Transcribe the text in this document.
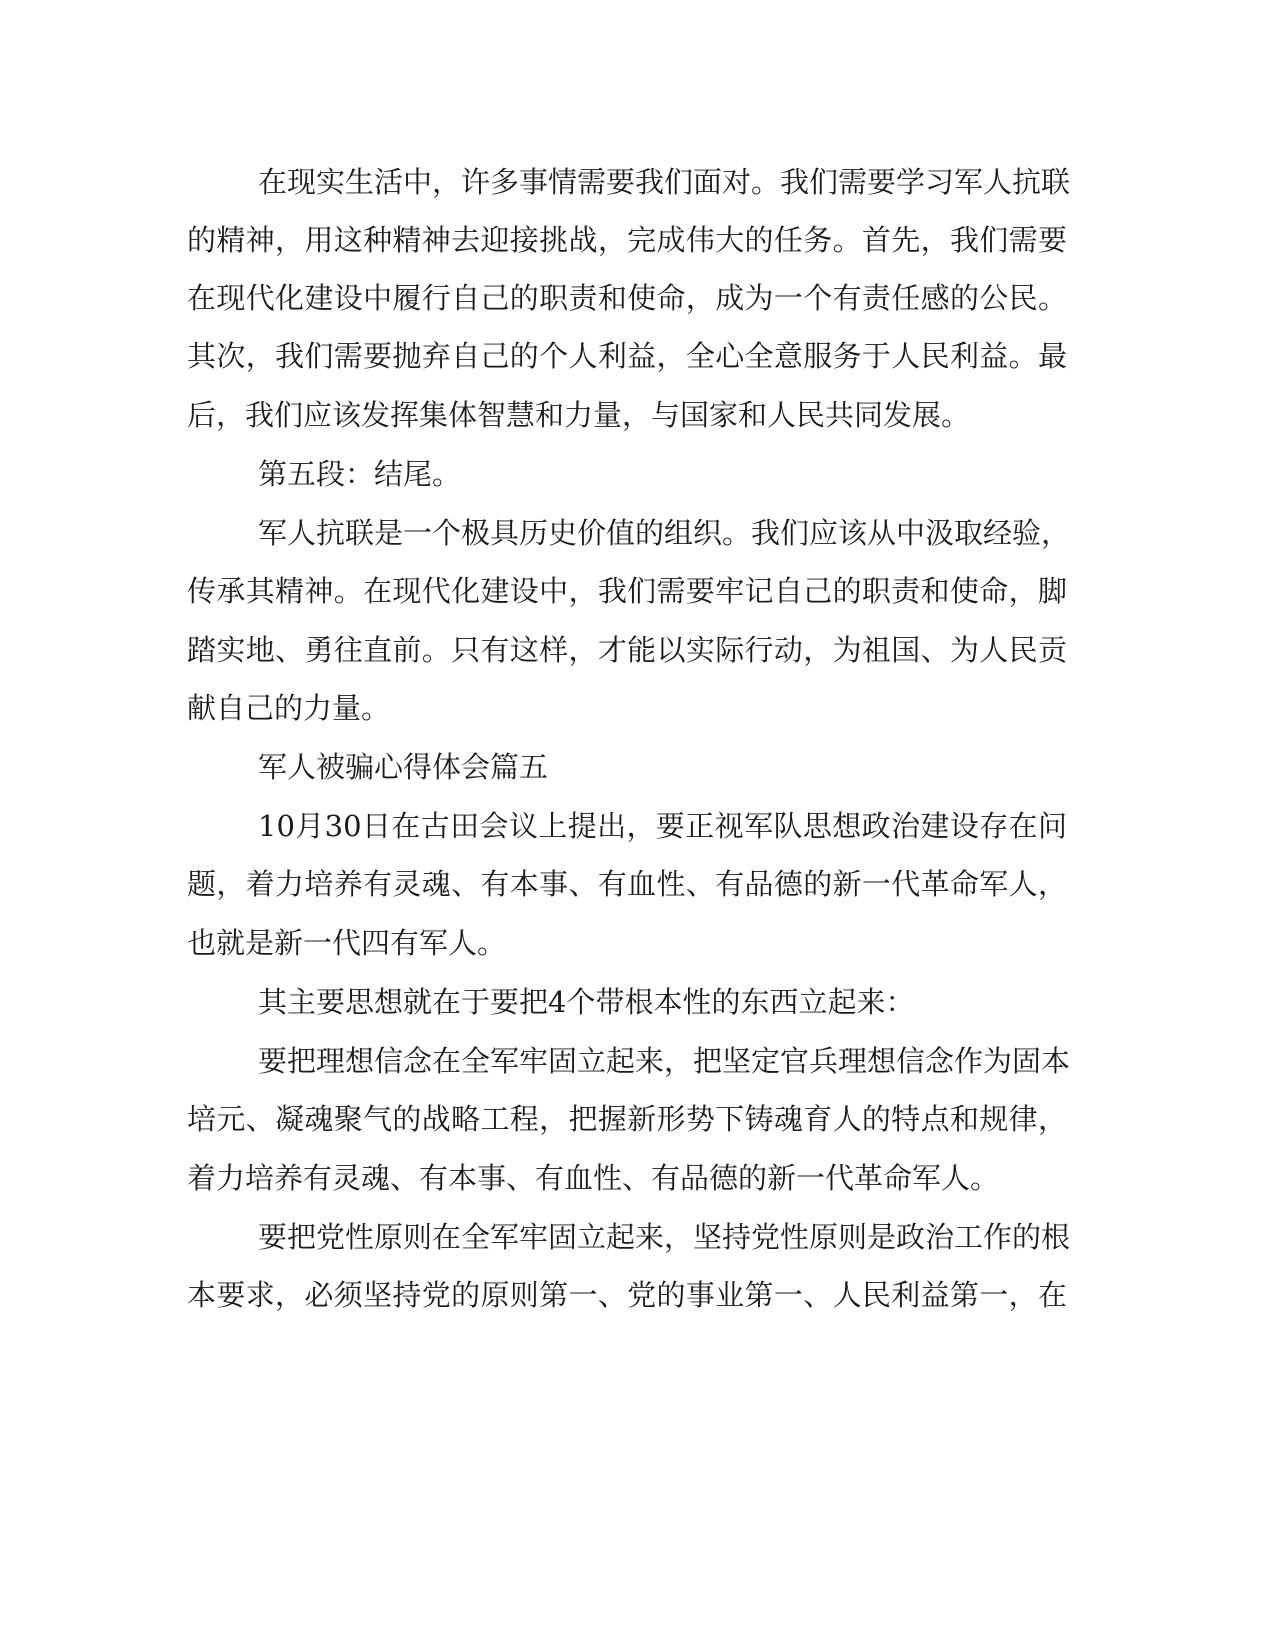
在现实生活中，许多事情需要我们面对。我们需要学习军人抗联
的精神，用这种精神去迎接挑战，完成伟大的任务。首先，我们需要
在现代化建设中履行自己的职责和使命，成为一个有责任感的公民。
其次，我们需要抛弃自己的个人利益，全心全意服务于人民利益。最
后，我们应该发挥集体智慧和力量，与国家和人民共同发展。
第五段：结尾。
军人抗联是一个极具历史价值的组织。我们应该从中汲取经验，
传承其精神。在现代化建设中，我们需要牢记自己的职责和使命，脚
踏实地、勇往直前。只有这样，才能以实际行动，为祖国、为人民贡
献自己的力量。
军人被骗心得体会篇五
10月30日在古田会议上提出，要正视军队思想政治建设存在问
题，着力培养有灵魂、有本事、有血性、有品德的新一代革命军人，
也就是新一代四有军人。
其主要思想就在于要把4个带根本性的东西立起来：
要把理想信念在全军牢固立起来，把坚定官兵理想信念作为固本
培元、凝魂聚气的战略工程，把握新形势下铸魂育人的特点和规律，
着力培养有灵魂、有本事、有血性、有品德的新一代革命军人。
要把党性原则在全军牢固立起来，坚持党性原则是政治工作的根
本要求，必须坚持党的原则第一、党的事业第一、人民利益第一，在
